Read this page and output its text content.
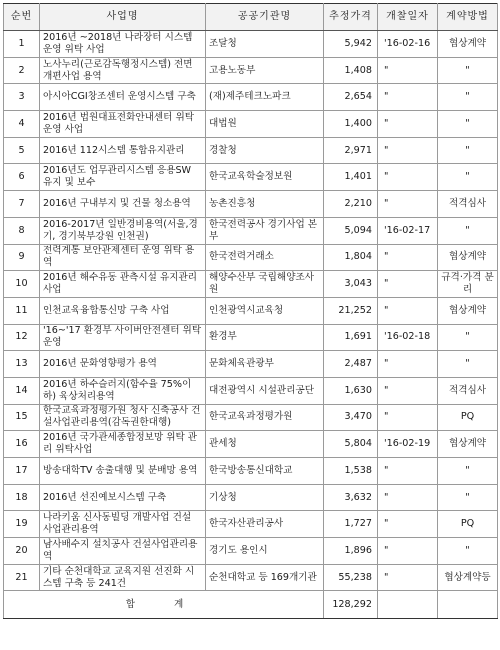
순번	사업명	공공기관명	추정가격	개찰일자	계약방법
1	2016년 ~2018년 나라장터 시스템 운영 위탁 사업	조달청	5,942	'16-02-16	협상계약
2	노사누리(근로감독행정시스템) 전면 개편사업 용역	고용노동부	1,408	"	"
3	아시아CGI창조센터 운영시스템 구축	(재)제주테크노파크	2,654	"	"
4	2016년 법원대표전화안내센터 위탁 운영 사업	대법원	1,400	"	"
5	2016년 112시스템 통합유지관리	경찰청	2,971	"	"
6	2016년도 업무관리시스템 응용SW 유지 및 보수	한국교육학술정보원	1,401	"	"
7	2016년 구내부지 및 건물 청소용역	농촌진흥청	2,210	"	적격심사
8	2016-2017년 일반경비용역(서울,경기, 경기북부강원 인천권)	한국전력공사 경기사업 본부	5,094	'16-02-17	"
9	전력계통 보안관제센터 운영 위탁 용역	한국전력거래소	1,804	"	협상계약
10	2016년 해수유동 관측시설 유지관리 사업	해양수산부 국립해양조사원	3,043	"	규격·가격 분리
11	인천교육융합통신망 구축 사업	인천광역시교육청	21,252	"	협상계약
12	'16~'17 환경부 사이버안전센터 위탁 운영	환경부	1,691	'16-02-18	"
13	2016년 문화영향평가 용역	문화체육관광부	2,487	"	"
14	2016년 하수슬러지(함수율 75%이하) 육상처리용역	대전광역시 시설관리공단	1,630	"	적격심사
15	한국교육과정평가원 청사 신축공사 건설사업관리용역(감독권한대행)	한국교육과정평가원	3,470	"	PQ
16	2016년 국가관세종합정보망 위탁 관리 위탁사업	관세청	5,804	'16-02-19	협상계약
17	방송대학TV 송출대행 및 분배망 용역	한국방송통신대학교	1,538	"	"
18	2016년 선진예보시스템 구축	기상청	3,632	"	"
19	나라키움 신사동빌딩 개발사업 건설 사업관리용역	한국자산관리공사	1,727	"	PQ
20	남사배수지 설치공사 건설사업관리용역	경기도 용인시	1,896	"	"
21	기타 순천대학교 교육지원 선진화 시스템 구축 등 241건	순천대학교 등 169개기관	55,238	"	협상계약등
합 계			128,292		
